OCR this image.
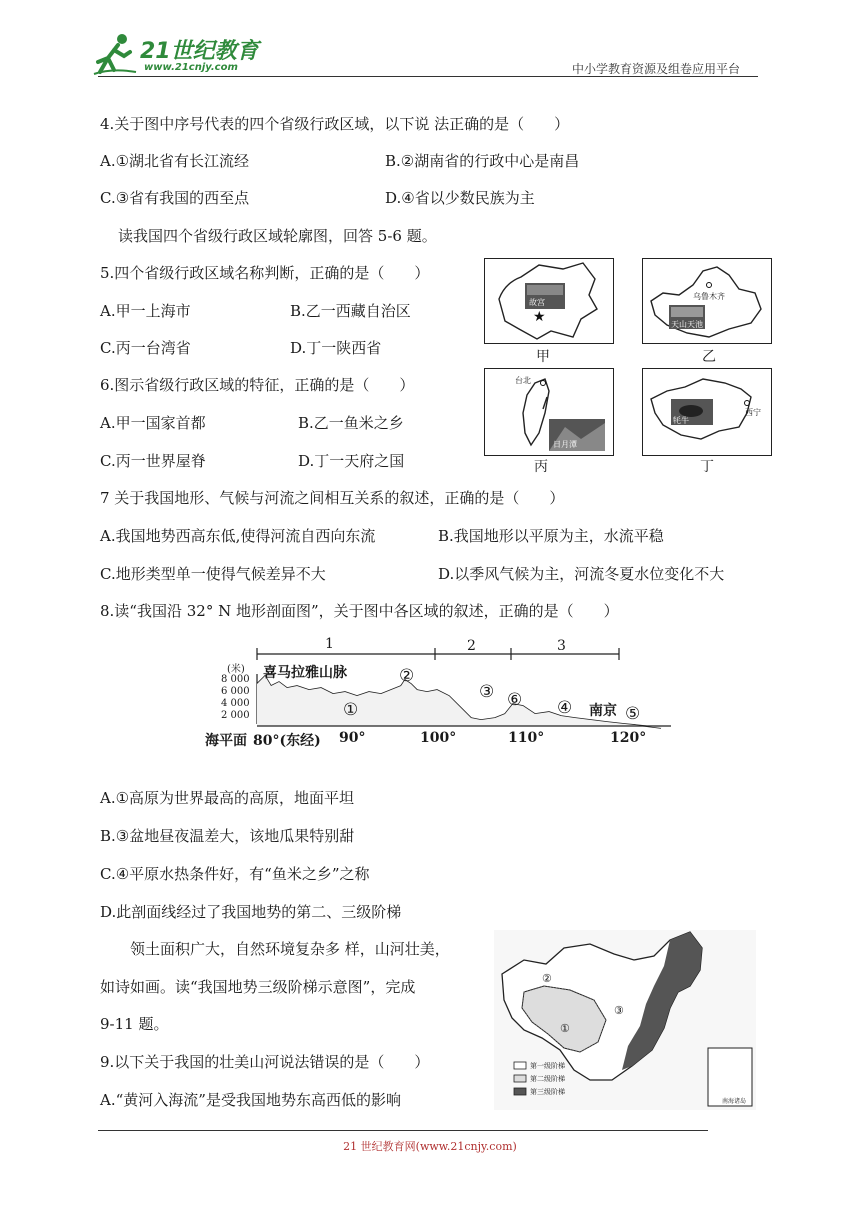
21世纪教育
www.21cnjy.com	中小学教育资源及组卷应用平台
4.关于图中序号代表的四个省级行政区域，以下说 法正确的是（　　）
A.①湖北省有长江流经	B.②湖南省的行政中心是南昌
C.③省有我国的西至点	D.④省以少数民族为主
读我国四个省级行政区域轮廓图，回答 5-6 题。
5.四个省级行政区域名称判断，正确的是（　　）
A.甲一上海市	B.乙一西藏自治区
C.丙一台湾省	D.丁一陕西省
6.图示省级行政区域的特征，正确的是（　　）
A.甲一国家首都	B.乙一鱼米之乡
C.丙一世界屋脊	D.丁一天府之国
★
故宫
甲
乌鲁木齐
天山天池
乙
台北
日月潭
丙
西宁
牦牛
丁
7 关于我国地形、气候与河流之间相互关系的叙述，正确的是（　　）
A.我国地势西高东低,使得河流自西向东流	B.我国地形以平原为主，水流平稳
C.地形类型单一使得气候差异不大	D.以季风气候为主，河流冬夏水位变化不大
8.读“我国沿 32° N 地形剖面图”，关于图中各区域的叙述，正确的是（　　）
1	2	3
(米) 喜马拉雅山脉
8 000
6 000
4 000
2 000	①
②
③ ⑥ ④ 南京 ⑤
海平面 80°(东经) 90°	100°	110°	120°
A.①高原为世界最高的高原，地面平坦
B.③盆地昼夜温差大，该地瓜果特别甜
C.④平原水热条件好，有“鱼米之乡”之称
D.此剖面线经过了我国地势的第二、三级阶梯
领土面积广大，自然环境复杂多 样，山河壮美，
如诗如画。读“我国地势三级阶梯示意图”，完成
9-11 题。
9.以下关于我国的壮美山河说法错误的是（　　）
A.“黄河入海流”是受我国地势东高西低的影响
第一级阶梯
第二级阶梯
第三级阶梯
①
②
③
南海诸岛
21 世纪教育网(www.21cnjy.com)
